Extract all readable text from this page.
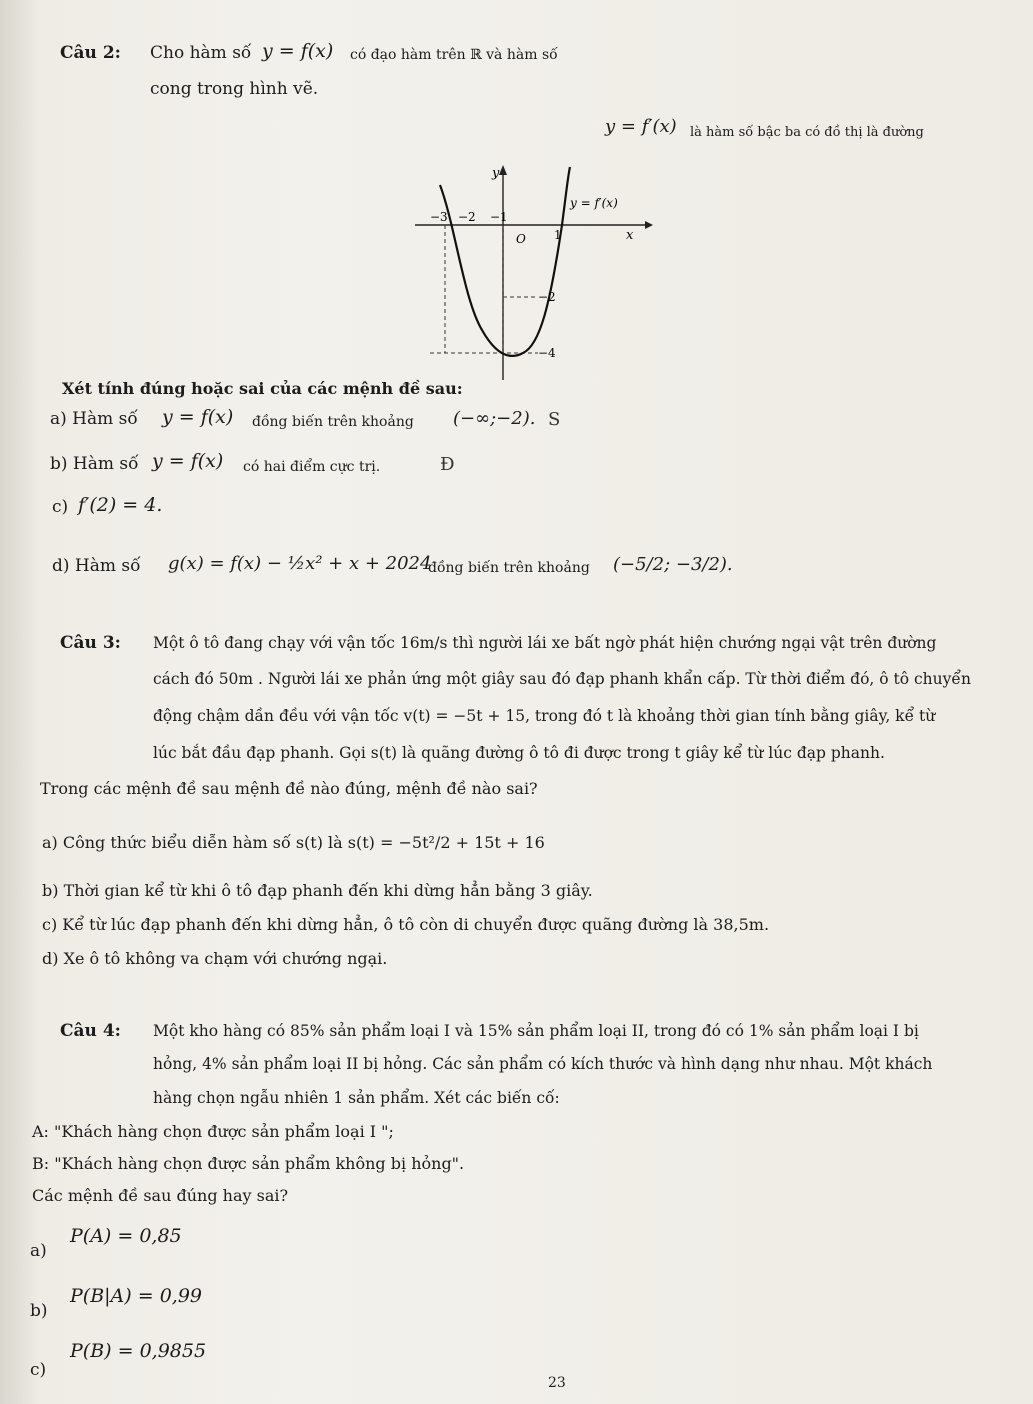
Câu 2: Cho hàm số y = f(x) có đạo hàm trên ℝ và hàm số
y = f′(x) là hàm số bậc ba có đồ thị là đường
cong trong hình vẽ.
y
x
y = f′(x)
−3 −2 −1
O 1
−2
−4
Xét tính đúng hoặc sai của các mệnh đề sau:
a) Hàm số y = f(x) đồng biến trên khoảng (−∞;−2). S
b) Hàm số y = f(x) có hai điểm cực trị.	Đ
c) f′(2) = 4.
d) Hàm số g(x) = f(x) − ½x² + x + 2024
đồng biến trên khoảng (−5/2; −3/2).
Câu 3: Một ô tô đang chạy với vận tốc 16m/s thì người lái xe bất ngờ phát hiện chướng ngại vật trên đường
cách đó 50m . Người lái xe phản ứng một giây sau đó đạp phanh khẩn cấp. Từ thời điểm đó, ô tô chuyển
động chậm dần đều với vận tốc v(t) = −5t + 15, trong đó t là khoảng thời gian tính bằng giây, kể từ
lúc bắt đầu đạp phanh. Gọi s(t) là quãng đường ô tô đi được trong t giây kể từ lúc đạp phanh.
Trong các mệnh đề sau mệnh đề nào đúng, mệnh đề nào sai?
a) Công thức biểu diễn hàm số s(t) là s(t) = −5t²/2 + 15t + 16
b) Thời gian kể từ khi ô tô đạp phanh đến khi dừng hẳn bằng 3 giây.
c) Kể từ lúc đạp phanh đến khi dừng hẳn, ô tô còn di chuyển được quãng đường là 38,5m.
d) Xe ô tô không va chạm với chướng ngại.
Câu 4: Một kho hàng có 85% sản phẩm loại I và 15% sản phẩm loại II, trong đó có 1% sản phẩm loại I bị
hỏng, 4% sản phẩm loại II bị hỏng. Các sản phẩm có kích thước và hình dạng như nhau. Một khách
hàng chọn ngẫu nhiên 1 sản phẩm. Xét các biến cố:
A: "Khách hàng chọn được sản phẩm loại I ";
B: "Khách hàng chọn được sản phẩm không bị hỏng".
Các mệnh đề sau đúng hay sai?
a)
P(A) = 0,85
b)
P(B|A) = 0,99
c)
P(B) = 0,9855
23
